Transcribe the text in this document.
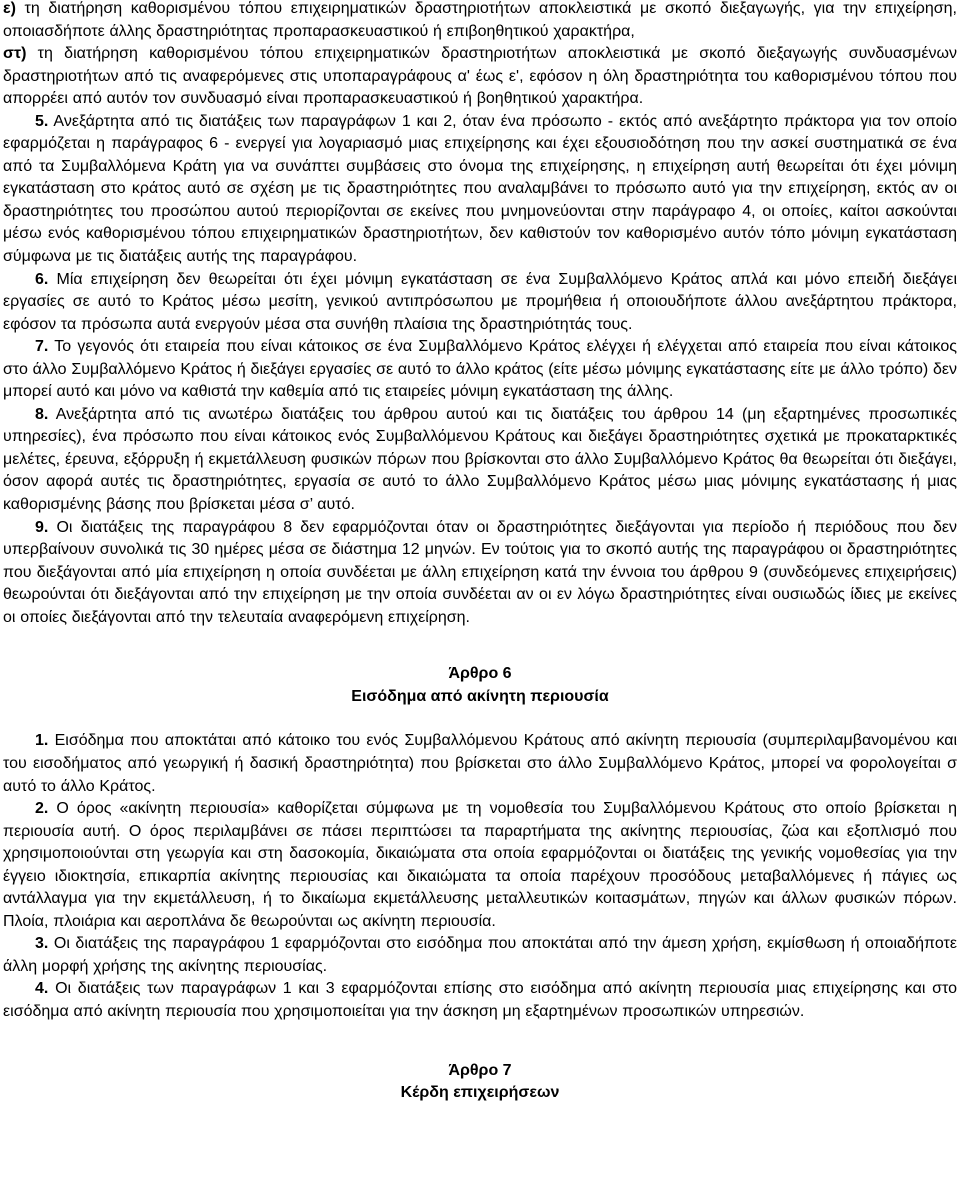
ε) τη διατήρηση καθορισμένου τόπου επιχειρηματικών δραστηριοτήτων αποκλειστικά με σκοπό διεξαγωγής, για την επιχείρηση, οποιασδήποτε άλλης δραστηριότητας προπαρασκευαστικού ή επιβοηθητικού χαρακτήρα,

στ) τη διατήρηση καθορισμένου τόπου επιχειρηματικών δραστηριοτήτων αποκλειστικά με σκοπό διεξαγωγής συνδυασμένων δραστηριοτήτων από τις αναφερόμενες στις υποπαραγράφους α' έως ε', εφόσον η όλη δραστηριότητα του καθορισμένου τόπου που απορρέει από αυτόν τον συνδυασμό είναι προπαρασκευαστικού ή βοηθητικού χαρακτήρα.

  5. Ανεξάρτητα από τις διατάξεις των παραγράφων 1 και 2, όταν ένα πρόσωπο - εκτός από ανεξάρτητο πράκτορα για τον οποίο εφαρμόζεται η παράγραφος 6 - ενεργεί για λογαριασμό μιας επιχείρησης και έχει εξουσιοδότηση που την ασκεί συστηματικά σε ένα από τα Συμβαλλόμενα Κράτη για να συνάπτει συμβάσεις στο όνομα της επιχείρησης, η επιχείρηση αυτή θεωρείται ότι έχει μόνιμη εγκατάσταση στο κράτος αυτό σε σχέση με τις δραστηριότητες που αναλαμβάνει το πρόσωπο αυτό για την επιχείρηση, εκτός αν οι δραστηριότητες του προσώπου αυτού περιορίζονται σε εκείνες που μνημονεύονται στην παράγραφο 4, οι οποίες, καίτοι ασκούνται μέσω ενός καθορισμένου τόπου επιχειρηματικών δραστηριοτήτων, δεν καθιστούν τον καθορισμένο αυτόν τόπο μόνιμη εγκατάσταση σύμφωνα με τις διατάξεις αυτής της παραγράφου.

  6. Μία επιχείρηση δεν θεωρείται ότι έχει μόνιμη εγκατάσταση σε ένα Συμβαλλόμενο Κράτος απλά και μόνο επειδή διεξάγει εργασίες σε αυτό το Κράτος μέσω μεσίτη, γενικού αντιπρόσωπου με προμήθεια ή οποιουδήποτε άλλου ανεξάρτητου πράκτορα, εφόσον τα πρόσωπα αυτά ενεργούν μέσα στα συνήθη πλαίσια της δραστηριότητάς τους.

  7. Το γεγονός ότι εταιρεία που είναι κάτοικος σε ένα Συμβαλλόμενο Κράτος ελέγχει ή ελέγχεται από εταιρεία που είναι κάτοικος στο άλλο Συμβαλλόμενο Κράτος ή διεξάγει εργασίες σε αυτό το άλλο κράτος (είτε μέσω μόνιμης εγκατάστασης είτε με άλλο τρόπο) δεν μπορεί αυτό και μόνο να καθιστά την καθεμία από τις εταιρείες μόνιμη εγκατάσταση της άλλης.

  8. Ανεξάρτητα από τις ανωτέρω διατάξεις του άρθρου αυτού και τις διατάξεις του άρθρου 14 (μη εξαρτημένες προσωπικές υπηρεσίες), ένα πρόσωπο που είναι κάτοικος ενός Συμβαλλόμενου Κράτους και διεξάγει δραστηριότητες σχετικά με προκαταρκτικές μελέτες, έρευνα, εξόρρυξη ή εκμετάλλευση φυσικών πόρων που βρίσκονται στο άλλο Συμβαλλόμενο Κράτος θα θεωρείται ότι διεξάγει, όσον αφορά αυτές τις δραστηριότητες, εργασία σε αυτό το άλλο Συμβαλλόμενο Κράτος μέσω μιας μόνιμης εγκατάστασης ή μιας καθορισμένης βάσης που βρίσκεται μέσα σ’ αυτό.

  9. Οι διατάξεις της παραγράφου 8 δεν εφαρμόζονται όταν οι δραστηριότητες διεξάγονται για περίοδο ή περιόδους που δεν υπερβαίνουν συνολικά τις 30 ημέρες μέσα σε διάστημα 12 μηνών. Εν τούτοις για το σκοπό αυτής της παραγράφου οι δραστηριότητες που διεξάγονται από μία επιχείρηση η οποία συνδέεται με άλλη επιχείρηση κατά την έννοια του άρθρου 9 (συνδεόμενες επιχειρήσεις) θεωρούνται ότι διεξάγονται από την επιχείρηση με την οποία συνδέεται αν οι εν λόγω δραστηριότητες είναι ουσιωδώς ίδιες με εκείνες οι οποίες διεξάγονται από την τελευταία αναφερόμενη επιχείρηση.

Άρθρο 6

Εισόδημα από ακίνητη περιουσία

  1. Εισόδημα που αποκτάται από κάτοικο του ενός Συμβαλλόμενου Κράτους από ακίνητη περιουσία (συμπεριλαμβανομένου και του εισοδήματος από γεωργική ή δασική δραστηριότητα) που βρίσκεται στο άλλο Συμβαλλόμενο Κράτος, μπορεί να φορολογείται σ αυτό το άλλο Κράτος.

  2. Ο όρος «ακίνητη περιουσία» καθορίζεται σύμφωνα με τη νομοθεσία του Συμβαλλόμενου Κράτους στο οποίο βρίσκεται η περιουσία αυτή. Ο όρος περιλαμβάνει σε πάσει περιπτώσει τα παραρτήματα της ακίνητης περιουσίας, ζώα και εξοπλισμό που χρησιμοποιούνται στη γεωργία και στη δασοκομία, δικαιώματα στα οποία εφαρμόζονται οι διατάξεις της γενικής νομοθεσίας για την έγγειο ιδιοκτησία, επικαρπία ακίνητης περιουσίας και δικαιώματα τα οποία παρέχουν προσόδους μεταβαλλόμενες ή πάγιες ως αντάλλαγμα για την εκμετάλλευση, ή το δικαίωμα εκμετάλλευσης μεταλλευτικών κοιτασμάτων, πηγών και άλλων φυσικών πόρων. Πλοία, πλοιάρια και αεροπλάνα δε θεωρούνται ως ακίνητη περιουσία.

  3. Οι διατάξεις της παραγράφου 1 εφαρμόζονται στο εισόδημα που αποκτάται από την άμεση χρήση, εκμίσθωση ή οποιαδήποτε άλλη μορφή χρήσης της ακίνητης περιουσίας.

  4. Οι διατάξεις των παραγράφων 1 και 3 εφαρμόζονται επίσης στο εισόδημα από ακίνητη περιουσία μιας επιχείρησης και στο εισόδημα από ακίνητη περιουσία που χρησιμοποιείται για την άσκηση μη εξαρτημένων προσωπικών υπηρεσιών.

Άρθρο 7

Κέρδη επιχειρήσεων
